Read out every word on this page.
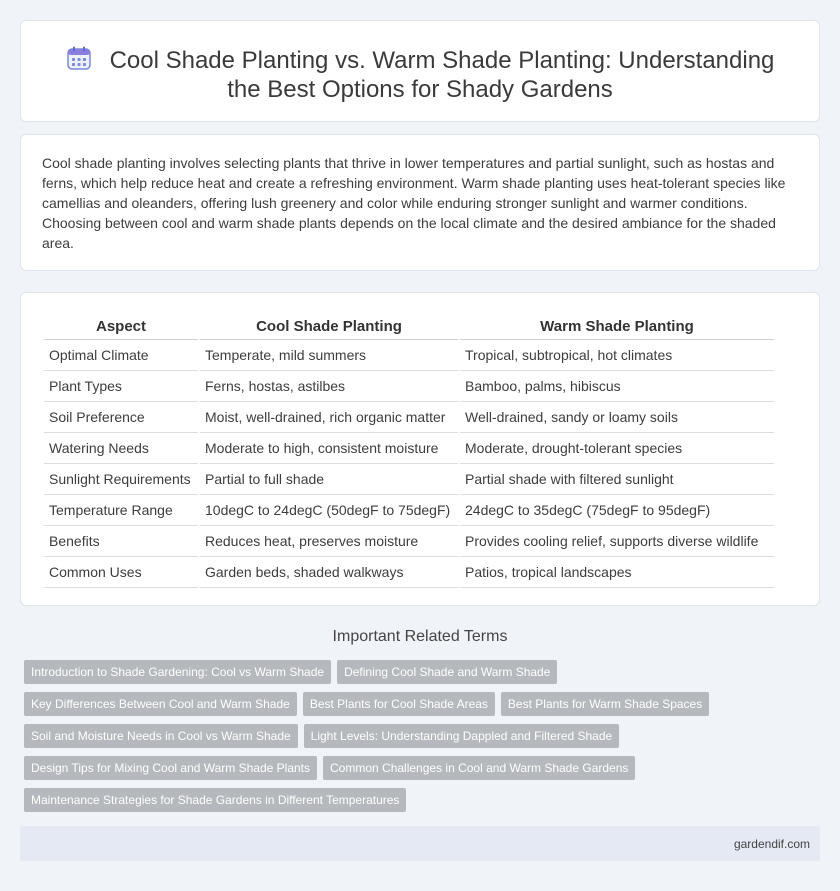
Cool Shade Planting vs. Warm Shade Planting: Understanding the Best Options for Shady Gardens

Cool shade planting involves selecting plants that thrive in lower temperatures and partial sunlight, such as hostas and ferns, which help reduce heat and create a refreshing environment. Warm shade planting uses heat-tolerant species like camellias and oleanders, offering lush greenery and color while enduring stronger sunlight and warmer conditions. Choosing between cool and warm shade plants depends on the local climate and the desired ambiance for the shaded area.

Aspect	Cool Shade Planting	Warm Shade Planting
Optimal Climate	Temperate, mild summers	Tropical, subtropical, hot climates
Plant Types	Ferns, hostas, astilbes	Bamboo, palms, hibiscus
Soil Preference	Moist, well-drained, rich organic matter	Well-drained, sandy or loamy soils
Watering Needs	Moderate to high, consistent moisture	Moderate, drought-tolerant species
Sunlight Requirements	Partial to full shade	Partial shade with filtered sunlight
Temperature Range	10degC to 24degC (50degF to 75degF)	24degC to 35degC (75degF to 95degF)
Benefits	Reduces heat, preserves moisture	Provides cooling relief, supports diverse wildlife
Common Uses	Garden beds, shaded walkways	Patios, tropical landscapes
Important Related Terms
Introduction to Shade Gardening: Cool vs Warm Shade Defining Cool Shade and Warm Shade
Key Differences Between Cool and Warm Shade Best Plants for Cool Shade Areas Best Plants for Warm Shade Spaces
Soil and Moisture Needs in Cool vs Warm Shade Light Levels: Understanding Dappled and Filtered Shade
Design Tips for Mixing Cool and Warm Shade Plants Common Challenges in Cool and Warm Shade Gardens
Maintenance Strategies for Shade Gardens in Different Temperatures
gardendif.com
